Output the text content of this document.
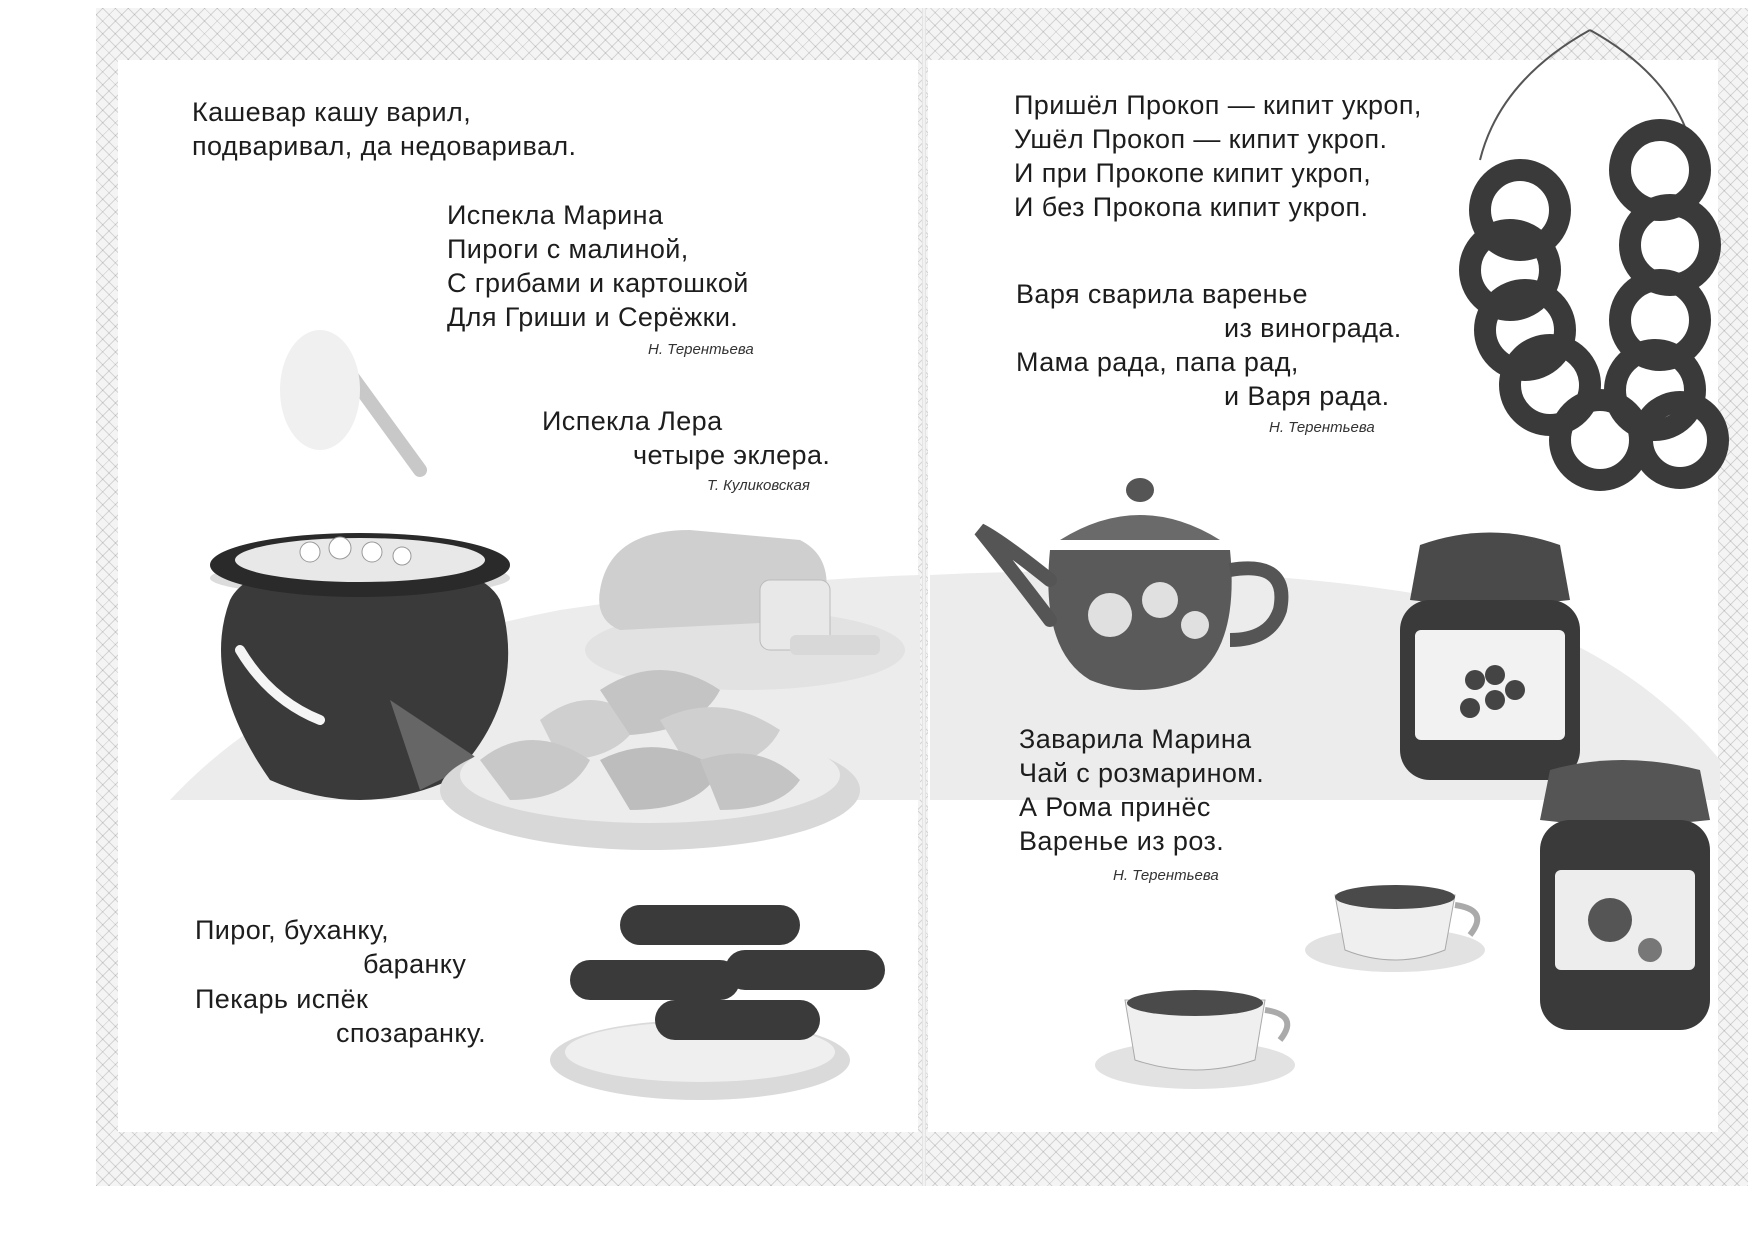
Кашевар кашу варил,
подваривал, да недоваривал.
Испекла Марина
Пироги с малиной,
С грибами и картошкой
Для Гриши и Серёжки.
Н. Терентьева
Испекла Лера
четыре эклера.
Т. Куликовская
Пирог, буханку,
баранку
Пекарь испёк
спозаранку.
Пришёл Прокоп — кипит укроп,
Ушёл Прокоп — кипит укроп.
И при Прокопе кипит укроп,
И без Прокопа кипит укроп.
Варя сварила варенье
из винограда.
Мама рада, папа рад,
и Варя рада.
Н. Терентьева
Заварила Марина
Чай с розмарином.
А Рома принёс
Варенье из роз.
Н. Терентьева
